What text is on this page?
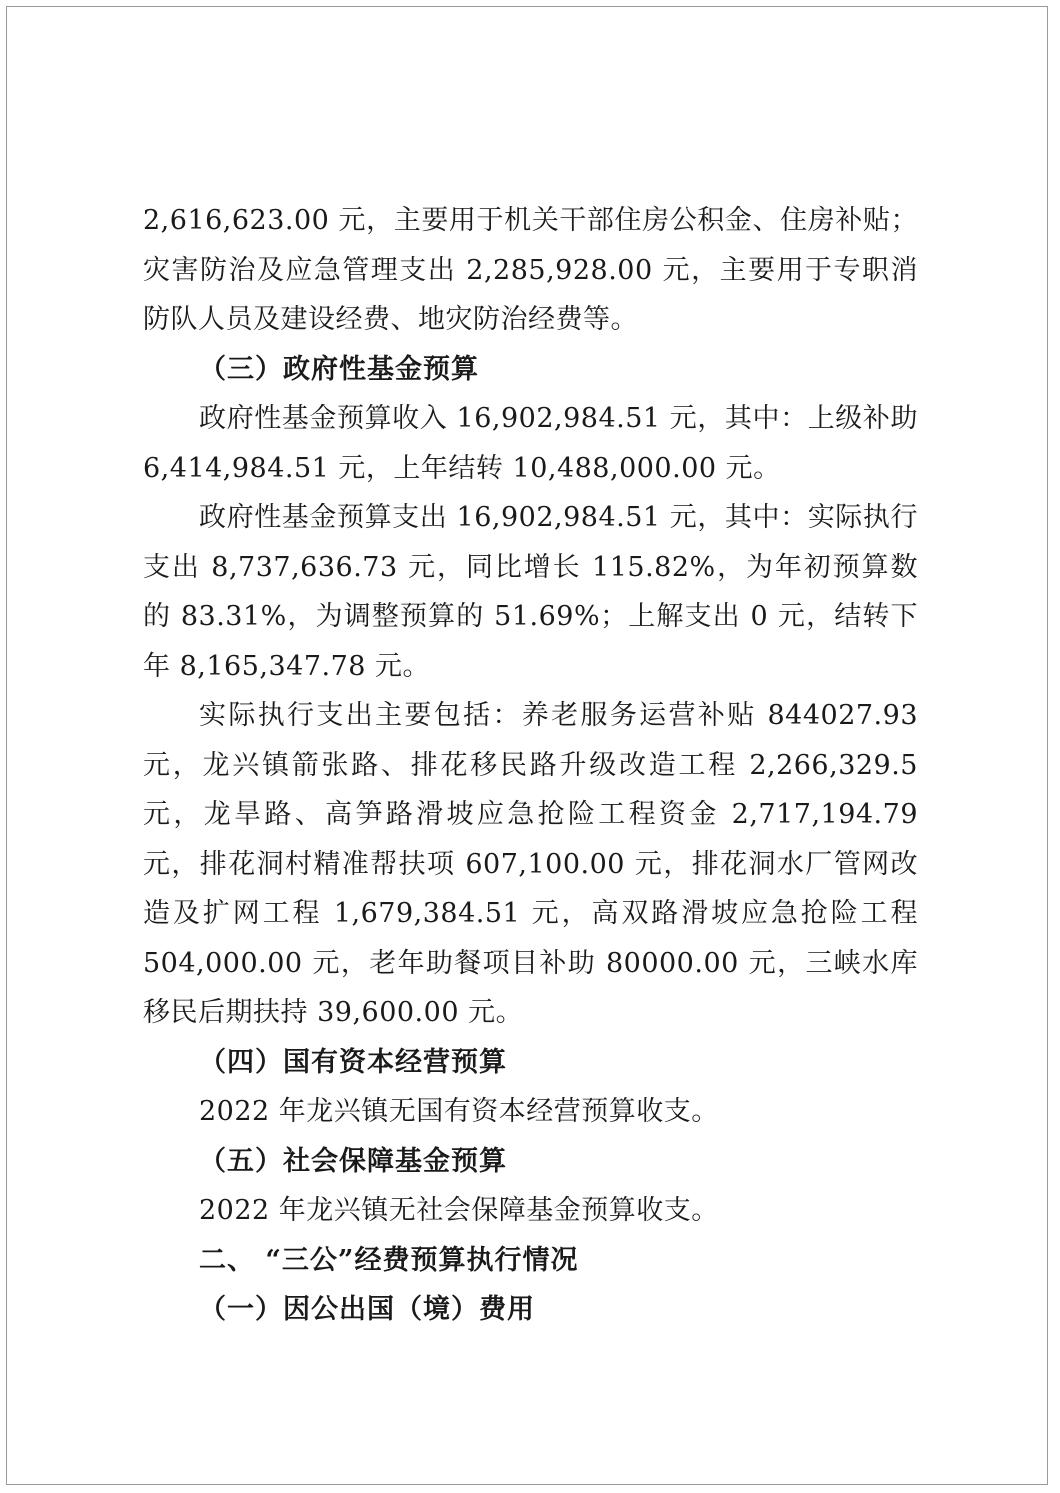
2,616,623.00 元，主要用于机关干部住房公积金、住房补贴；灾害防治及应急管理支出 2,285,928.00 元，主要用于专职消防队人员及建设经费、地灾防治经费等。

（三）政府性基金预算

政府性基金预算收入 16,902,984.51 元，其中：上级补助 6,414,984.51 元，上年结转 10,488,000.00 元。

政府性基金预算支出 16,902,984.51 元，其中：实际执行支出 8,737,636.73 元，同比增长 115.82%，为年初预算数的 83.31%，为调整预算的 51.69%；上解支出 0 元，结转下年 8,165,347.78 元。

实际执行支出主要包括：养老服务运营补贴 844027.93 元，龙兴镇箭张路、排花移民路升级改造工程 2,266,329.5 元，龙旱路、高笋路滑坡应急抢险工程资金 2,717,194.79 元，排花洞村精准帮扶项 607,100.00 元，排花洞水厂管网改造及扩网工程 1,679,384.51 元，高双路滑坡应急抢险工程 504,000.00 元，老年助餐项目补助 80000.00 元，三峡水库移民后期扶持 39,600.00 元。

（四）国有资本经营预算

2022 年龙兴镇无国有资本经营预算收支。

（五）社会保障基金预算

2022 年龙兴镇无社会保障基金预算收支。

二、 “三公”经费预算执行情况

（一）因公出国（境）费用
